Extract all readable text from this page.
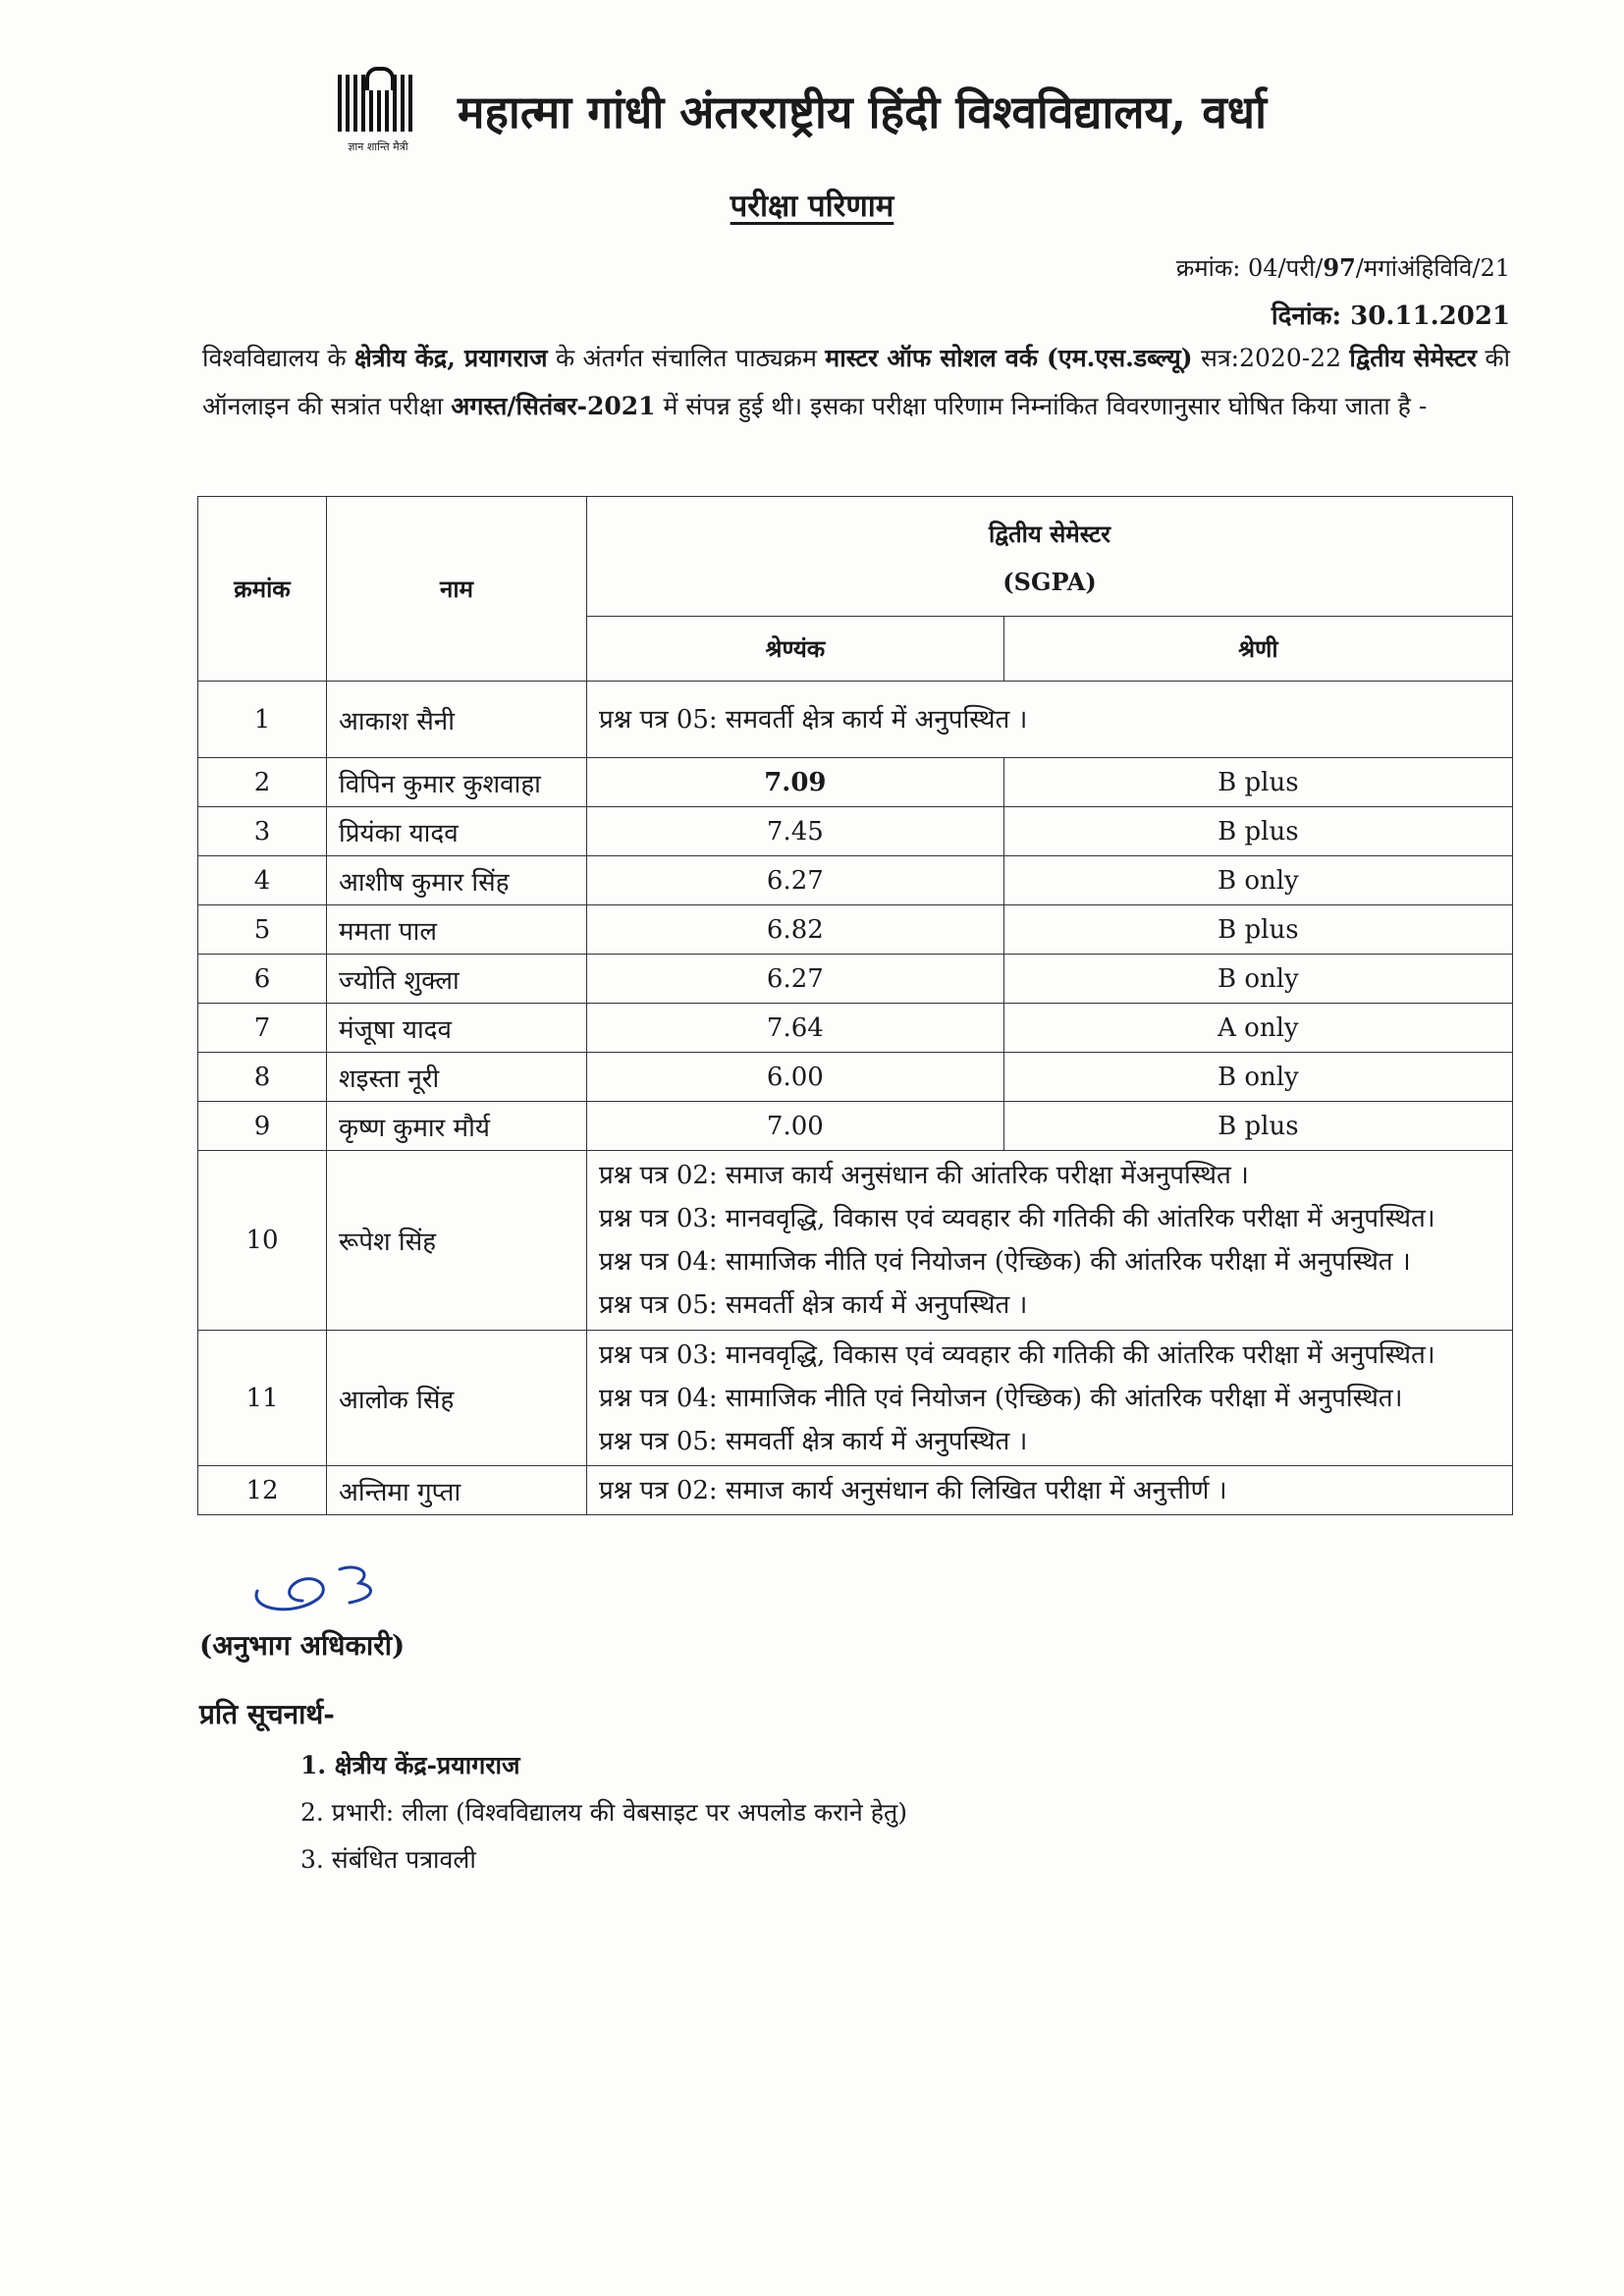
ज्ञान शान्ति मैत्री
महात्मा गांधी अंतरराष्ट्रीय हिंदी विश्वविद्यालय, वर्धा
परीक्षा परिणाम
क्रमांक: 04/परी/97/मगांअंहिविवि/21
दिनांक: 30.11.2021
विश्वविद्यालय के क्षेत्रीय केंद्र, प्रयागराज के अंतर्गत संचालित पाठ्यक्रम मास्टर ऑफ सोशल वर्क (एम.एस.डब्ल्यू) सत्र:2020-22 द्वितीय सेमेस्टर की ऑनलाइन की सत्रांत परीक्षा अगस्त/सितंबर-2021 में संपन्न हुई थी। इसका परीक्षा परिणाम निम्नांकित विवरणानुसार घोषित किया जाता है -
क्रमांक	नाम	द्वितीय सेमेस्टर
(SGPA)	

		श्रेण्यंक	श्रेणी
1	आकाश सैनी	प्रश्न पत्र 05: समवर्ती क्षेत्र कार्य में अनुपस्थित ।	

2	विपिन कुमार कुशवाहा	7.09	B plus
3	प्रियंका यादव	7.45	B plus
4	आशीष कुमार सिंह	6.27	B only
5	ममता पाल	6.82	B plus
6	ज्योति शुक्ला	6.27	B only
7	मंजूषा यादव	7.64	A only
8	शइस्ता नूरी	6.00	B only
9	कृष्ण कुमार मौर्य	7.00	B plus
10	रूपेश सिंह	प्रश्न पत्र 02: समाज कार्य अनुसंधान की आंतरिक परीक्षा मेंअनुपस्थित ।
प्रश्न पत्र 03: मानववृद्धि, विकास एवं व्यवहार की गतिकी की आंतरिक परीक्षा में अनुपस्थित।
प्रश्न पत्र 04: सामाजिक नीति एवं नियोजन (ऐच्छिक) की आंतरिक परीक्षा में अनुपस्थित ।
प्रश्न पत्र 05: समवर्ती क्षेत्र कार्य में अनुपस्थित ।	

11	आलोक सिंह	प्रश्न पत्र 03: मानववृद्धि, विकास एवं व्यवहार की गतिकी की आंतरिक परीक्षा में अनुपस्थित।
प्रश्न पत्र 04: सामाजिक नीति एवं नियोजन (ऐच्छिक) की आंतरिक परीक्षा में अनुपस्थित।
प्रश्न पत्र 05: समवर्ती क्षेत्र कार्य में अनुपस्थित ।	

12	अन्तिमा गुप्ता	प्रश्न पत्र 02: समाज कार्य अनुसंधान की लिखित परीक्षा में अनुत्तीर्ण ।	
(अनुभाग अधिकारी)
प्रति सूचनार्थ-
1. क्षेत्रीय केंद्र-प्रयागराज
2. प्रभारी: लीला (विश्वविद्यालय की वेबसाइट पर अपलोड कराने हेतु)
3. संबंधित पत्रावली
